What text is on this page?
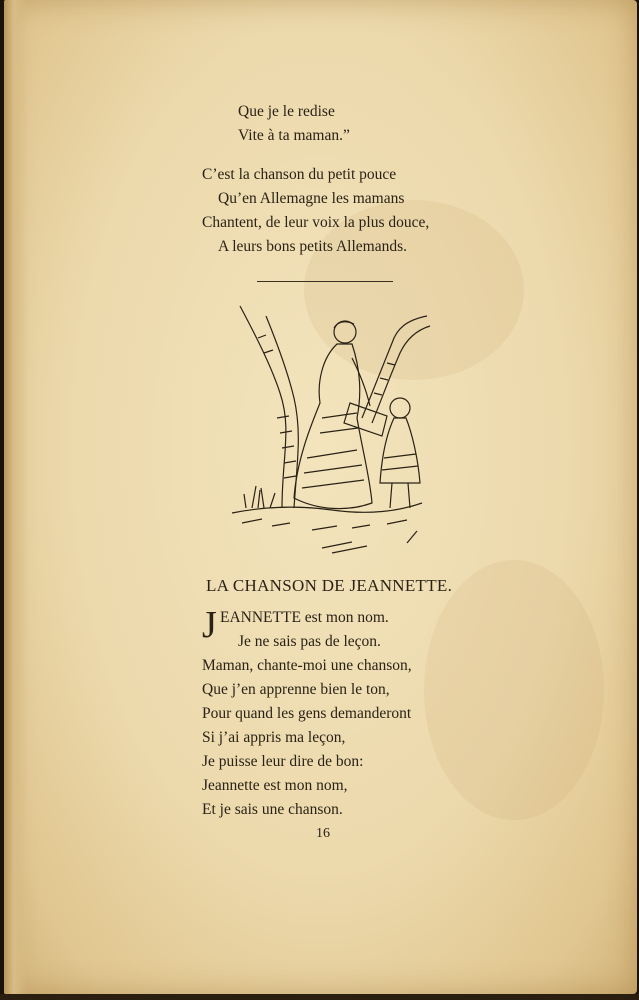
Que je le redise
Vite à ta maman.”
C’est la chanson du petit pouce
Qu’en Allemagne les mamans
Chantent, de leur voix la plus douce,
A leurs bons petits Allemands.
LA CHANSON DE JEANNETTE.
J EANNETTE est mon nom.
Je ne sais pas de leçon.
Maman, chante-moi une chanson,
Que j’en apprenne bien le ton,
Pour quand les gens demanderont
Si j’ai appris ma leçon,
Je puisse leur dire de bon:
Jeannette est mon nom,
Et je sais une chanson.
16
